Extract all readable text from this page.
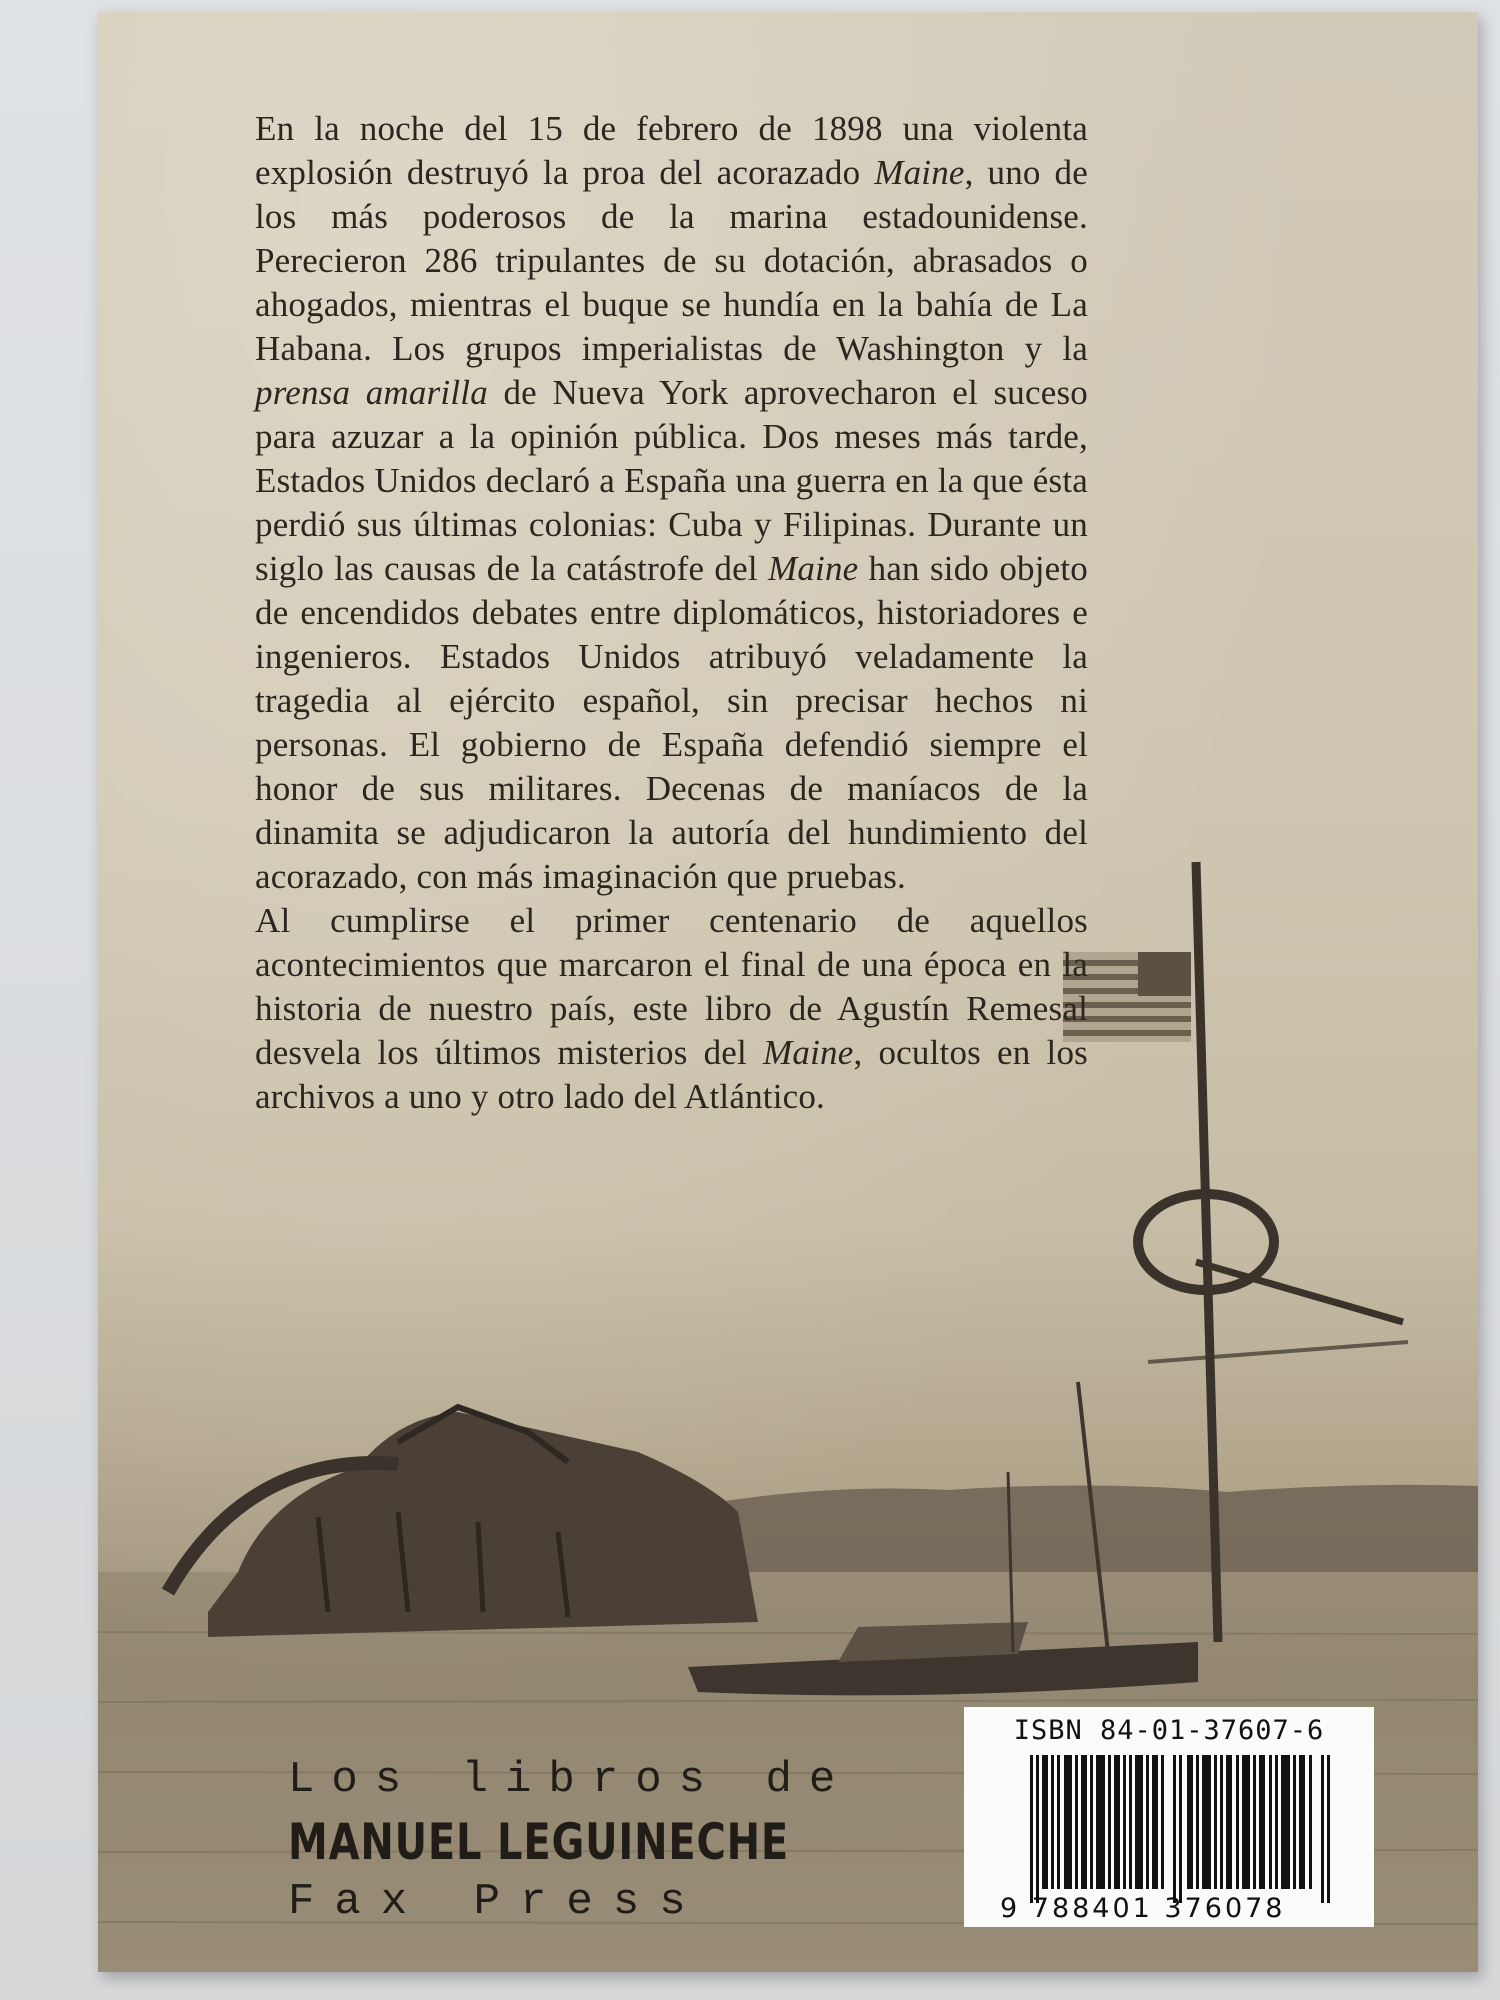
En la noche del 15 de febrero de 1898 una violenta explosión destruyó la proa del acorazado Maine, uno de los más poderosos de la marina estadounidense. Perecieron 286 tripulantes de su dotación, abrasados o ahogados, mientras el buque se hundía en la bahía de La Habana. Los grupos imperialistas de Washington y la prensa amarilla de Nueva York aprovecharon el suceso para azuzar a la opinión pública. Dos meses más tarde, Estados Unidos declaró a España una guerra en la que ésta perdió sus últimas colonias: Cuba y Filipinas. Durante un siglo las causas de la catástrofe del Maine han sido objeto de encendidos debates entre diplomáticos, historiadores e ingenieros. Estados Unidos atribuyó veladamente la tragedia al ejército español, sin precisar hechos ni personas. El gobierno de España defendió siempre el honor de sus militares. Decenas de maníacos de la dinamita se adjudicaron la autoría del hundimiento del acorazado, con más imaginación que pruebas.

Al cumplirse el primer centenario de aquellos acontecimientos que marcaron el final de una época en la historia de nuestro país, este libro de Agustín Remesal desvela los últimos misterios del Maine, ocultos en los archivos a uno y otro lado del Atlántico.

Los libros de
MANUEL LEGUINECHE
Fax Press
ISBN 84-01-37607-6
9 788401 376078
